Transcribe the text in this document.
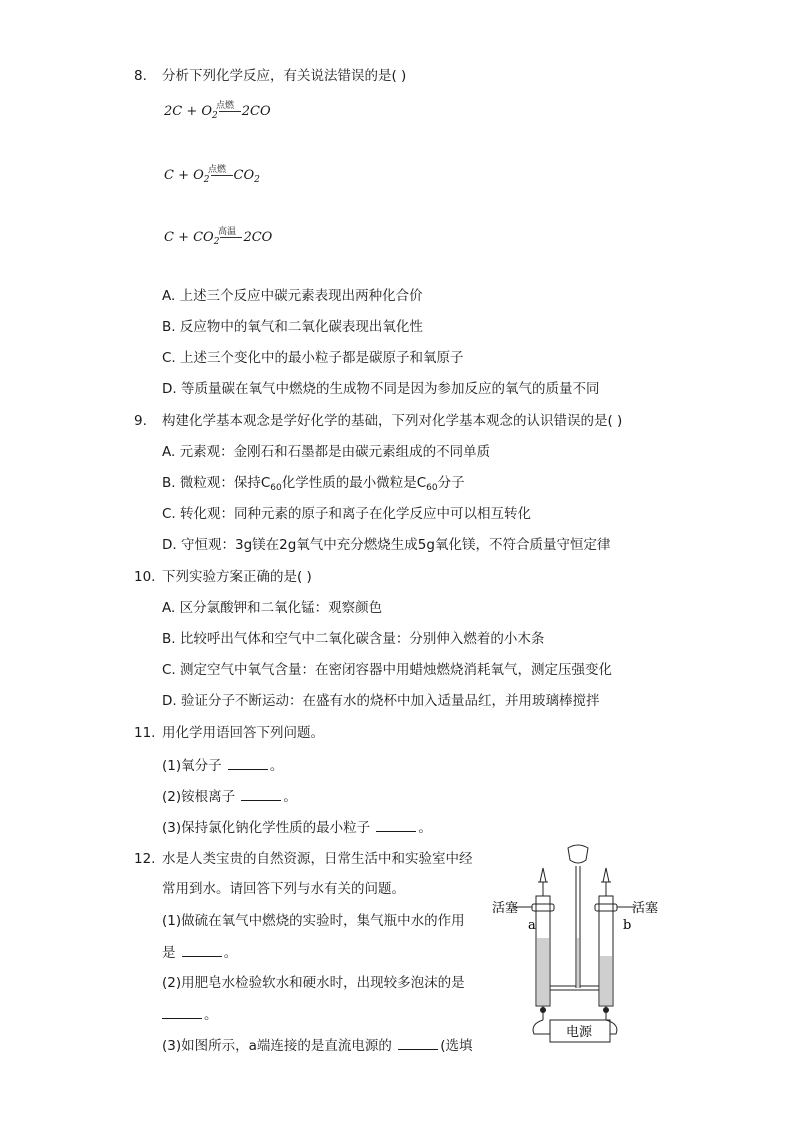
8. 分析下列化学反应，有关说法错误的是( )
点燃
$2C + O_2$ 2CO
点燃
$C + O_2$ $CO_2$
高温
$C + CO_2$ 2CO
A. 上述三个反应中碳元素表现出两种化合价
B. 反应物中的氧气和二氧化碳表现出氧化性
C. 上述三个变化中的最小粒子都是碳原子和氧原子
D. 等质量碳在氧气中燃烧的生成物不同是因为参加反应的氧气的质量不同
9. 构建化学基本观念是学好化学的基础，下列对化学基本观念的认识错误的是( )
A. 元素观：金刚石和石墨都是由碳元素组成的不同单质
B. 微粒观：保持$C_{60}$化学性质的最小微粒是$C_{60}$分子
C. 转化观：同种元素的原子和离子在化学反应中可以相互转化
D. 守恒观：3g镁在2g氧气中充分燃烧生成5g氧化镁，不符合质量守恒定律
10. 下列实验方案正确的是( )
A. 区分氯酸钾和二氧化锰：观察颜色
B. 比较呼出气体和空气中二氧化碳含量：分别伸入燃着的小木条
C. 测定空气中氧气含量：在密闭容器中用蜡烛燃烧消耗氧气，测定压强变化
D. 验证分子不断运动：在盛有水的烧杯中加入适量品红，并用玻璃棒搅拌
11. 用化学用语回答下列问题。
(1)氧分子	。
(2)铵根离子	。
(3)保持氯化钠化学性质的最小粒子	。
12. 水是人类宝贵的自然资源，日常生活中和实验室中经
常用到水。请回答下列与水有关的问题。
(1)做硫在氧气中燃烧的实验时，集气瓶中水的作用
是	。
(2)用肥皂水检验软水和硬水时，出现较多泡沫的是
。
(3)如图所示，a端连接的是直流电源的	(选填
活塞	活塞
a	b
电源
